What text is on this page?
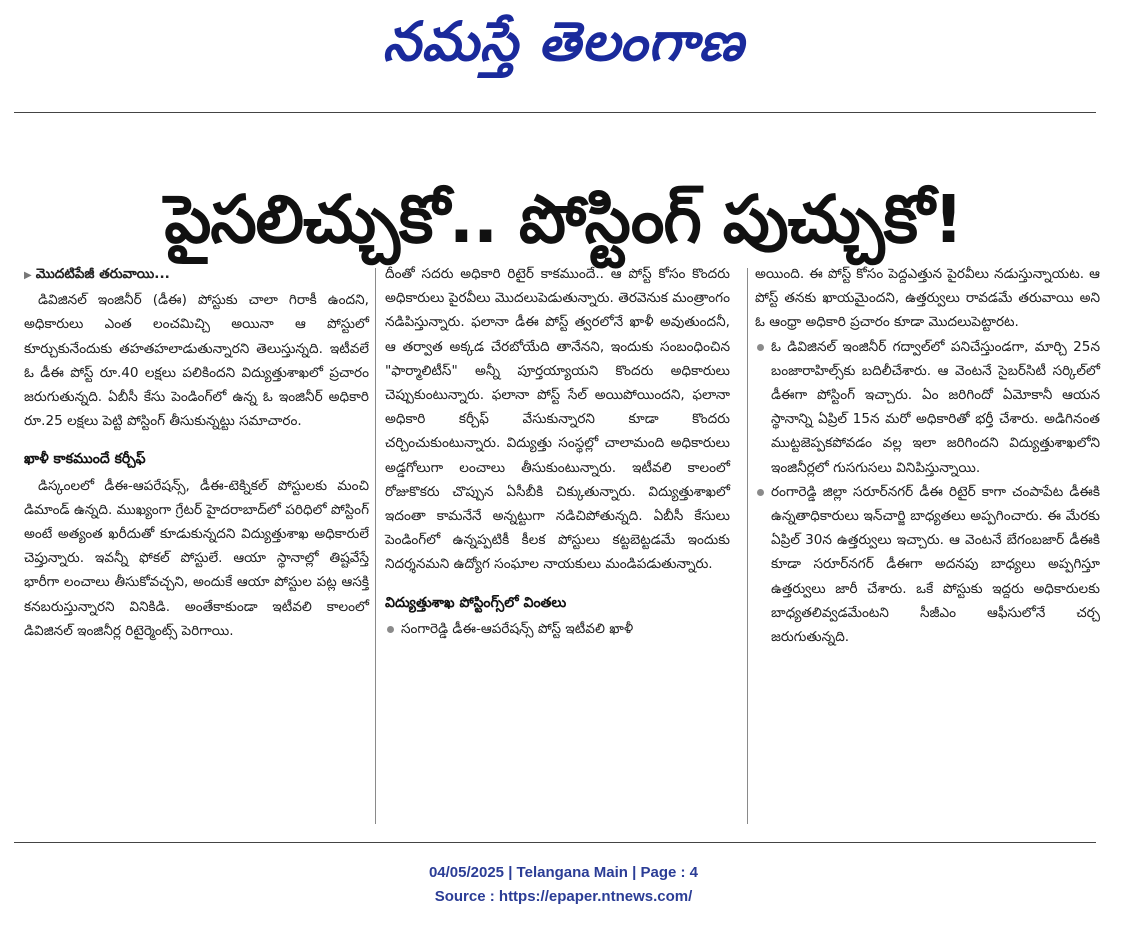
నమస్తే తెలంగాణ
పైసలిచ్చుకో.. పోస్టింగ్ పుచ్చుకో!

▶ మొదటిపేజీ తరువాయి...

డివిజినల్ ఇంజినీర్ (డీఈ) పోస్టుకు చాలా గిరాకీ ఉందని, అధికారులు ఎంత లంచమిచ్చి అయినా ఆ పోస్టులో కూర్చుకునేందుకు తహతహలాడుతున్నారని తెలుస్తున్నది. ఇటీవలే ఓ డీఈ పోస్ట్ రూ.40 లక్షలు పలికిందని విద్యుత్తుశాఖలో ప్రచారం జరుగుతున్నది. ఏబీసీ కేసు పెండింగ్‌లో ఉన్న ఓ ఇంజినీర్ అధికారి రూ.25 లక్షలు పెట్టి పోస్టింగ్ తీసుకున్నట్టు సమాచారం.

ఖాళీ కాకముందే కర్చీఫ్

డిస్కంలలో డీఈ-ఆపరేషన్స్, డీఈ-టెక్నికల్ పోస్టులకు మంచి డిమాండ్ ఉన్నది. ముఖ్యంగా గ్రేటర్ హైదరాబాద్‌లో పరిధిలో పోస్టింగ్ అంటే అత్యంత ఖరీదుతో కూడుకున్నదని విద్యుత్తుశాఖ అధికారులే చెప్తున్నారు. ఇవన్నీ ఫోకల్ పోస్టులే. ఆయా స్థానాల్లో తిష్టవేస్తే భారీగా లంచాలు తీసుకోవచ్చని, అందుకే ఆయా పోస్టుల పట్ల ఆసక్తి కనబరుస్తున్నారని వినికిడి. అంతేకాకుండా ఇటీవలి కాలంలో డివిజినల్ ఇంజినీర్ల రిటైర్మెంట్స్ పెరిగాయి.

దీంతో సదరు అధికారి రిటైర్ కాకముందే.. ఆ పోస్ట్ కోసం కొందరు అధికారులు పైరవీలు మొదలుపెడుతున్నారు. తెరవెనుక మంత్రాంగం నడిపిస్తున్నారు. ఫలానా డీఈ పోస్ట్ త్వరలోనే ఖాళీ అవుతుందనీ, ఆ తర్వాత అక్కడ చేరబోయేది తానేనని, ఇందుకు సంబంధించిన "ఫార్మాలిటీస్" అన్నీ పూర్తయ్యాయని కొందరు అధికారులు చెప్పుకుంటున్నారు. ఫలానా పోస్ట్ సేల్ అయిపోయిందని, ఫలానా అధికారి కర్చీఫ్ వేసుకున్నారని కూడా కొందరు చర్చించుకుంటున్నారు. విద్యుత్తు సంస్థల్లో చాలామంది అధికారులు అడ్డగోలుగా లంచాలు తీసుకుంటున్నారు. ఇటీవలి కాలంలో రోజుకొకరు చొప్పున ఏసీబీకి చిక్కుతున్నారు. విద్యుత్తుశాఖలో ఇదంతా కామనేనే అన్నట్టుగా నడిచిపోతున్నది. ఏబీసీ కేసులు పెండింగ్‌లో ఉన్నప్పటికీ కీలక పోస్టులు కట్టబెట్టడమే ఇందుకు నిదర్శనమని ఉద్యోగ సంఘాల నాయకులు మండిపడుతున్నారు.

విద్యుత్తుశాఖ పోస్టింగ్స్‌లో వింతలు

సంగారెడ్డి డీఈ-ఆపరేషన్స్ పోస్ట్ ఇటీవలి ఖాళీ

అయింది. ఈ పోస్ట్ కోసం పెద్దఎత్తున పైరవీలు నడుస్తున్నాయట. ఆ పోస్ట్ తనకు ఖాయమైందని, ఉత్తర్వులు రావడమే తరువాయి అని ఓ ఆంధ్రా అధికారి ప్రచారం కూడా మొదలుపెట్టారట.

ఓ డివిజినల్ ఇంజినీర్ గద్వాల్‌లో పనిచేస్తుండగా, మార్చి 25న బంజారాహిల్స్‌కు బదిలీచేశారు. ఆ వెంటనే సైబర్‌సిటీ సర్కిల్‌లో డీఈగా పోస్టింగ్ ఇచ్చారు. ఏం జరిగిందో ఏమోకానీ ఆయన స్థానాన్ని ఏప్రిల్ 15న మరో అధికారితో భర్తీ చేశారు. అడిగినంత ముట్టజెప్పకపోవడం వల్ల ఇలా జరిగిందని విద్యుత్తుశాఖలోని ఇంజినీర్లలో గుసగుసలు వినిపిస్తున్నాయి.

రంగారెడ్డి జిల్లా సరూర్‌నగర్ డీఈ రిటైర్ కాగా చంపాపేట డీఈకి ఉన్నతాధికారులు ఇన్‌చార్జి బాధ్యతలు అప్పగించారు. ఈ మేరకు ఏప్రిల్ 30న ఉత్తర్వులు ఇచ్చారు. ఆ వెంటనే బేగంబజార్ డీఈకి కూడా సరూర్‌నగర్ డీఈగా అదనపు బాధ్యలు అప్పగిస్తూ ఉత్తర్వులు జారీ చేశారు. ఒకే పోస్టుకు ఇద్దరు అధికారులకు బాధ్యతలివ్వడమేంటని సీజీఎం ఆఫీసులోనే చర్చ జరుగుతున్నది.

04/05/2025 | Telangana Main | Page : 4
Source : https://epaper.ntnews.com/
